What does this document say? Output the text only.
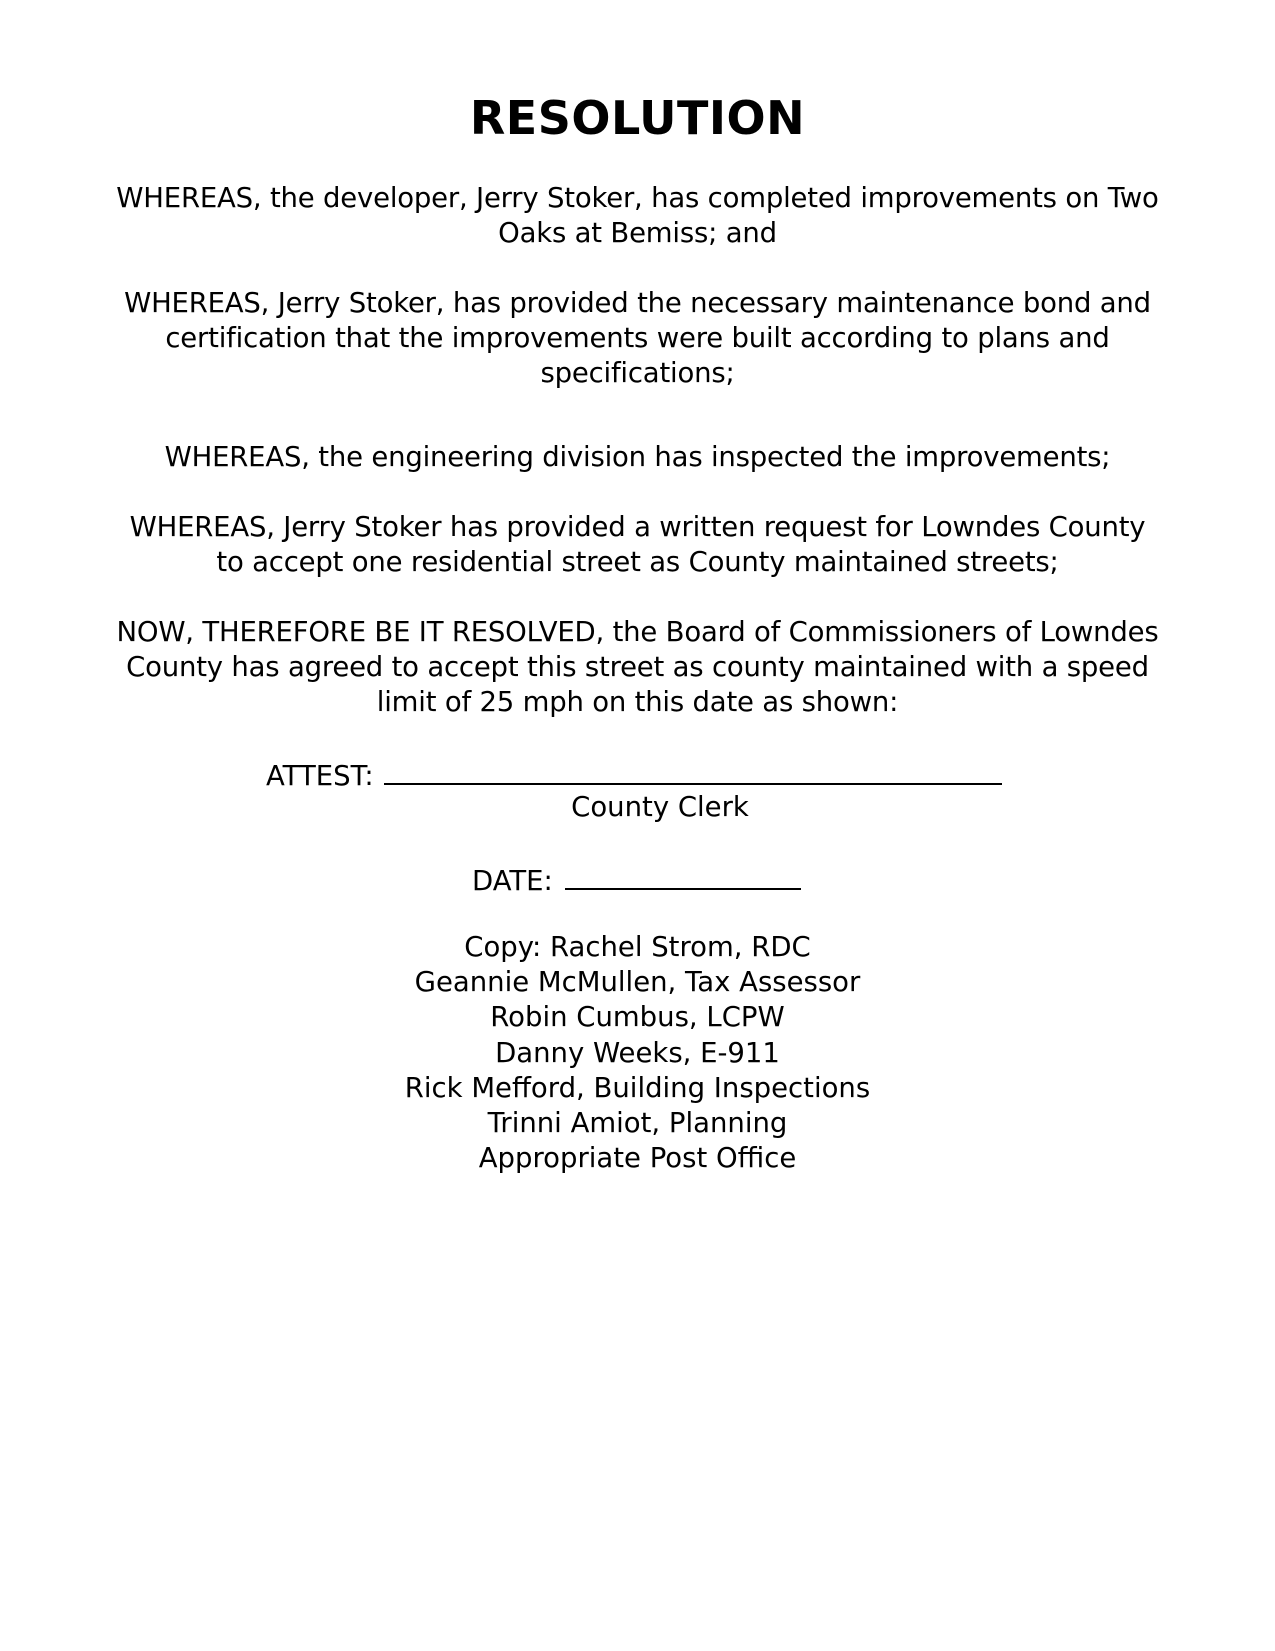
RESOLUTION

WHEREAS, the developer, Jerry Stoker, has completed improvements on Two Oaks at Bemiss; and

WHEREAS, Jerry Stoker, has provided the necessary maintenance bond and certification that the improvements were built according to plans and specifications;

WHEREAS, the engineering division has inspected the improvements;

WHEREAS, Jerry Stoker has provided a written request for Lowndes County to accept one residential street as County maintained streets;

NOW, THEREFORE BE IT RESOLVED, the Board of Commissioners of Lowndes County has agreed to accept this street as county maintained with a speed limit of 25 mph on this date as shown:

ATTEST:
County Clerk
DATE:
Copy: Rachel Strom, RDC
Geannie McMullen, Tax Assessor
Robin Cumbus, LCPW
Danny Weeks, E-911
Rick Mefford, Building Inspections
Trinni Amiot, Planning
Appropriate Post Office
